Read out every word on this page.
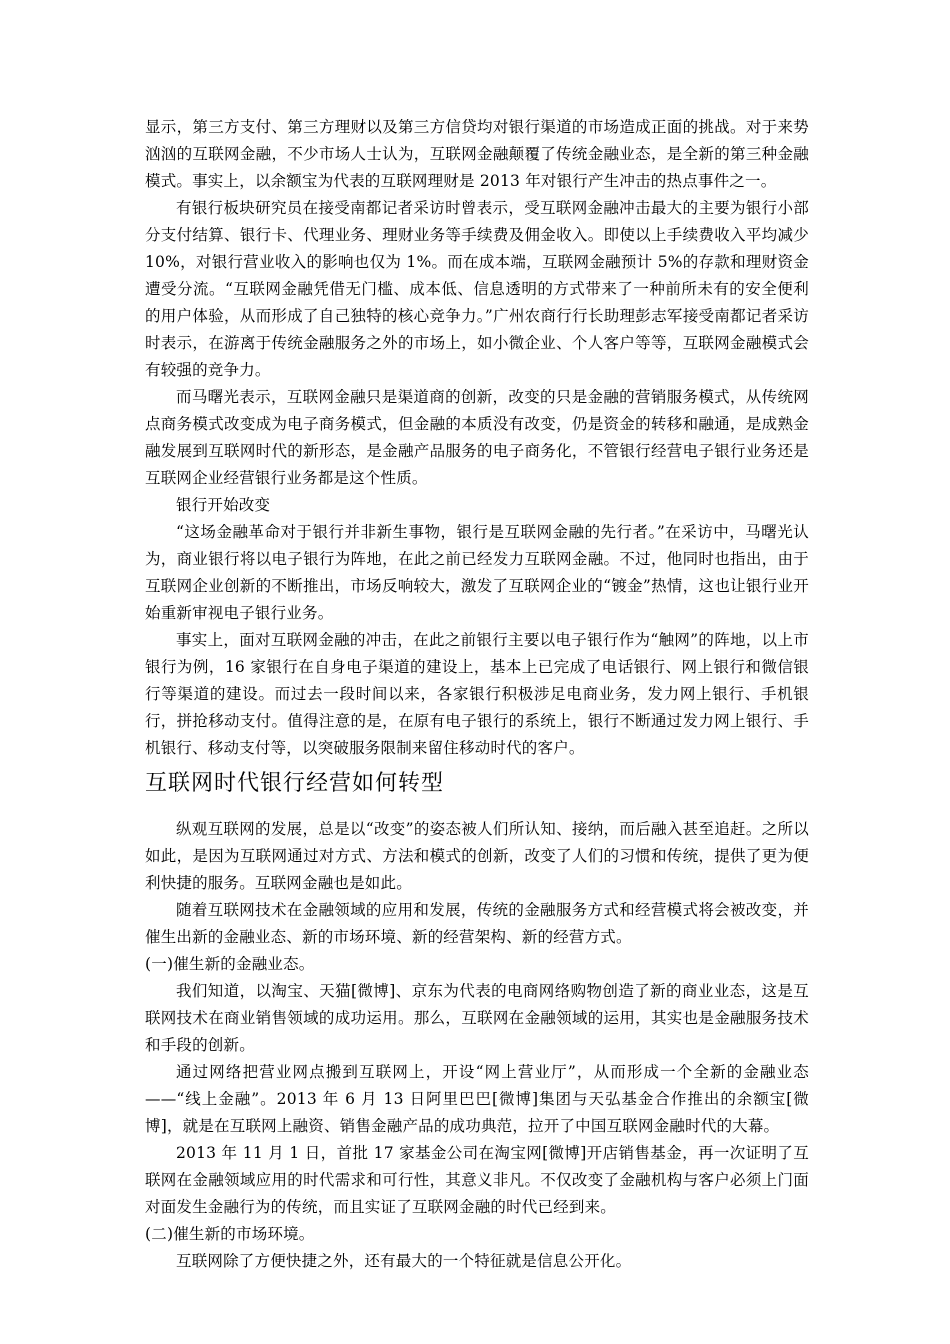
显示，第三方支付、第三方理财以及第三方信贷均对银行渠道的市场造成正面的挑战。对于来势汹汹的互联网金融，不少市场人士认为，互联网金融颠覆了传统金融业态，是全新的第三种金融模式。事实上，以余额宝为代表的互联网理财是 2013 年对银行产生冲击的热点事件之一。

有银行板块研究员在接受南都记者采访时曾表示，受互联网金融冲击最大的主要为银行小部分支付结算、银行卡、代理业务、理财业务等手续费及佣金收入。即使以上手续费收入平均减少 10%，对银行营业收入的影响也仅为 1%。而在成本端，互联网金融预计 5%的存款和理财资金遭受分流。“互联网金融凭借无门槛、成本低、信息透明的方式带来了一种前所未有的安全便利的用户体验，从而形成了自己独特的核心竞争力。”广州农商行行长助理彭志军接受南都记者采访时表示，在游离于传统金融服务之外的市场上，如小微企业、个人客户等等，互联网金融模式会有较强的竞争力。

而马曙光表示，互联网金融只是渠道商的创新，改变的只是金融的营销服务模式，从传统网点商务模式改变成为电子商务模式，但金融的本质没有改变，仍是资金的转移和融通，是成熟金融发展到互联网时代的新形态，是金融产品服务的电子商务化，不管银行经营电子银行业务还是互联网企业经营银行业务都是这个性质。

银行开始改变

“这场金融革命对于银行并非新生事物，银行是互联网金融的先行者。”在采访中，马曙光认为，商业银行将以电子银行为阵地，在此之前已经发力互联网金融。不过，他同时也指出，由于互联网企业创新的不断推出，市场反响较大，激发了互联网企业的“镀金”热情，这也让银行业开始重新审视电子银行业务。

事实上，面对互联网金融的冲击，在此之前银行主要以电子银行作为“触网”的阵地，以上市银行为例，16 家银行在自身电子渠道的建设上，基本上已完成了电话银行、网上银行和微信银行等渠道的建设。而过去一段时间以来，各家银行积极涉足电商业务，发力网上银行、手机银行，拼抢移动支付。值得注意的是，在原有电子银行的系统上，银行不断通过发力网上银行、手机银行、移动支付等，以突破服务限制来留住移动时代的客户。

互联网时代银行经营如何转型

纵观互联网的发展，总是以“改变”的姿态被人们所认知、接纳，而后融入甚至追赶。之所以如此，是因为互联网通过对方式、方法和模式的创新，改变了人们的习惯和传统，提供了更为便利快捷的服务。互联网金融也是如此。

随着互联网技术在金融领域的应用和发展，传统的金融服务方式和经营模式将会被改变，并催生出新的金融业态、新的市场环境、新的经营架构、新的经营方式。

(一)催生新的金融业态。

我们知道，以淘宝、天猫[微博]、京东为代表的电商网络购物创造了新的商业业态，这是互联网技术在商业销售领域的成功运用。那么，互联网在金融领域的运用，其实也是金融服务技术和手段的创新。

通过网络把营业网点搬到互联网上，开设“网上营业厅”，从而形成一个全新的金融业态——“线上金融”。2013 年 6 月 13 日阿里巴巴[微博]集团与天弘基金合作推出的余额宝[微博]，就是在互联网上融资、销售金融产品的成功典范，拉开了中国互联网金融时代的大幕。

2013 年 11 月 1 日，首批 17 家基金公司在淘宝网[微博]开店销售基金，再一次证明了互联网在金融领域应用的时代需求和可行性，其意义非凡。不仅改变了金融机构与客户必须上门面对面发生金融行为的传统，而且实证了互联网金融的时代已经到来。

(二)催生新的市场环境。

互联网除了方便快捷之外，还有最大的一个特征就是信息公开化。
